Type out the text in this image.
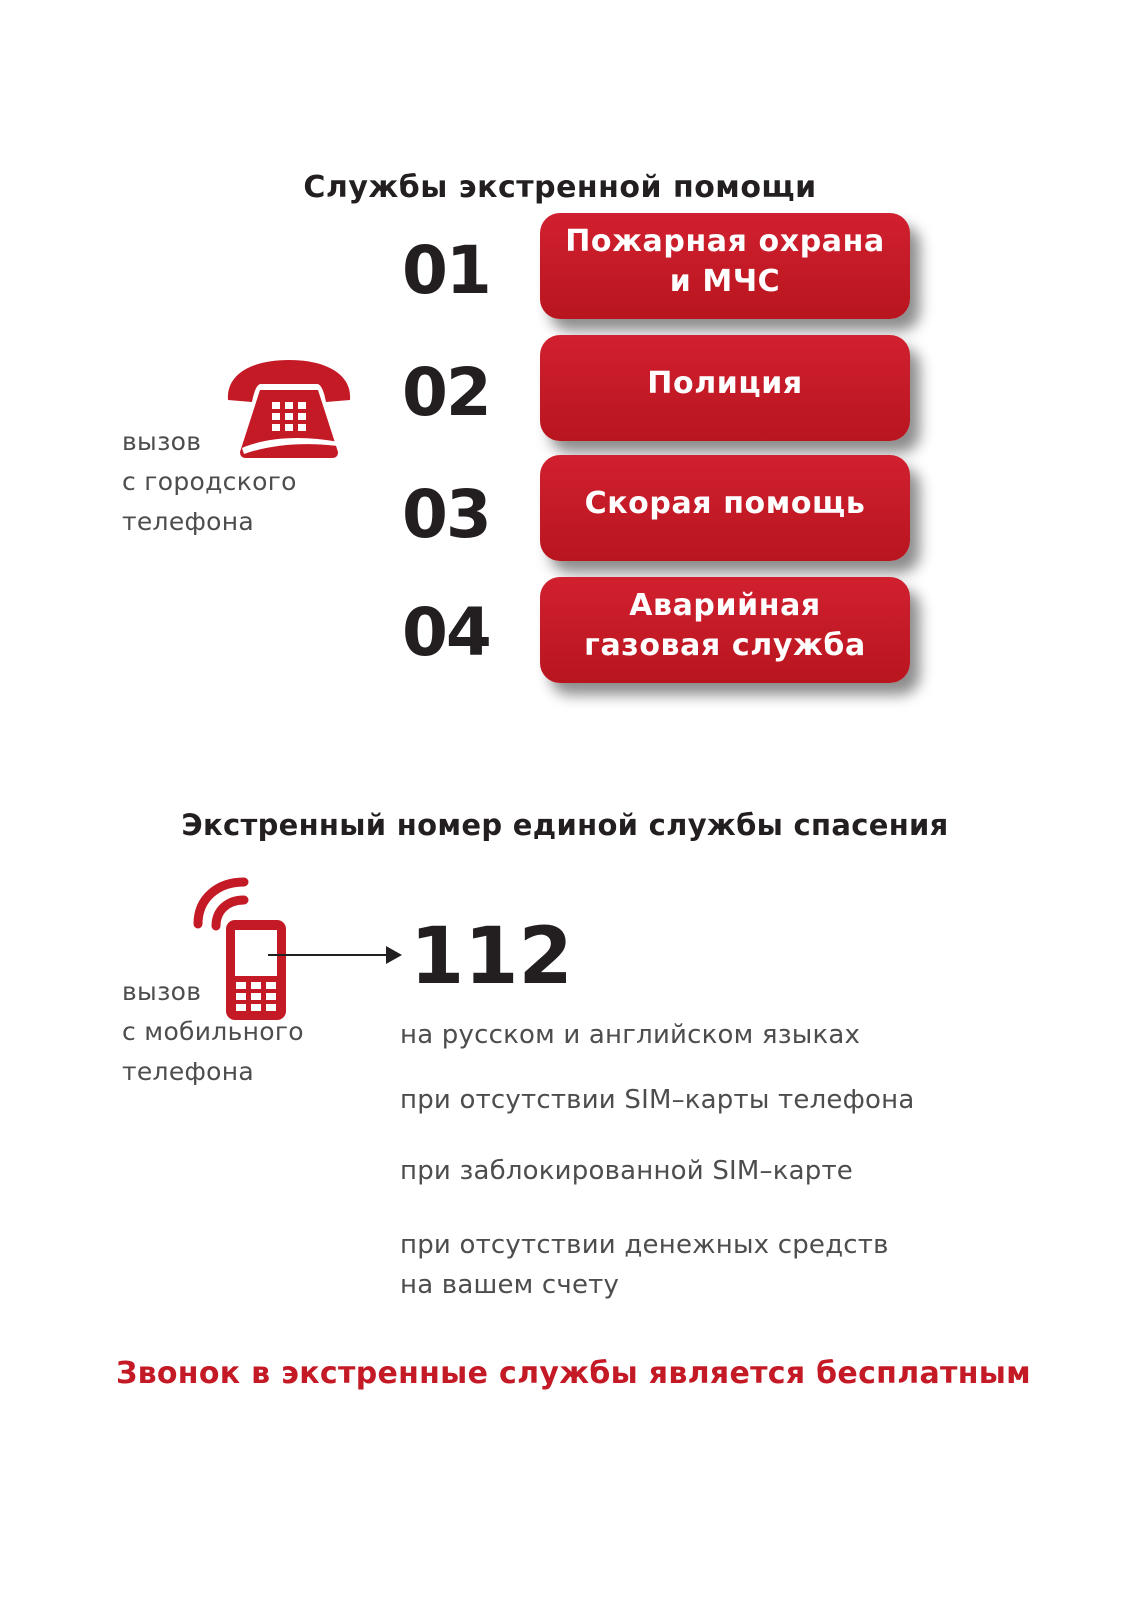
Службы экстренной помощи
вызов
с городского
телефона
01	Пожарная охрана
и МЧС
02	Полиция
03	Скорая помощь
04	Аварийная
газовая служба
Экстренный номер единой службы спасения
вызов
с мобильного
телефона
112
на русском и английском языках
при отсутствии SIM–карты телефона
при заблокированной SIM–карте
при отсутствии денежных средств
на вашем счету
Звонок в экстренные службы является бесплатным
